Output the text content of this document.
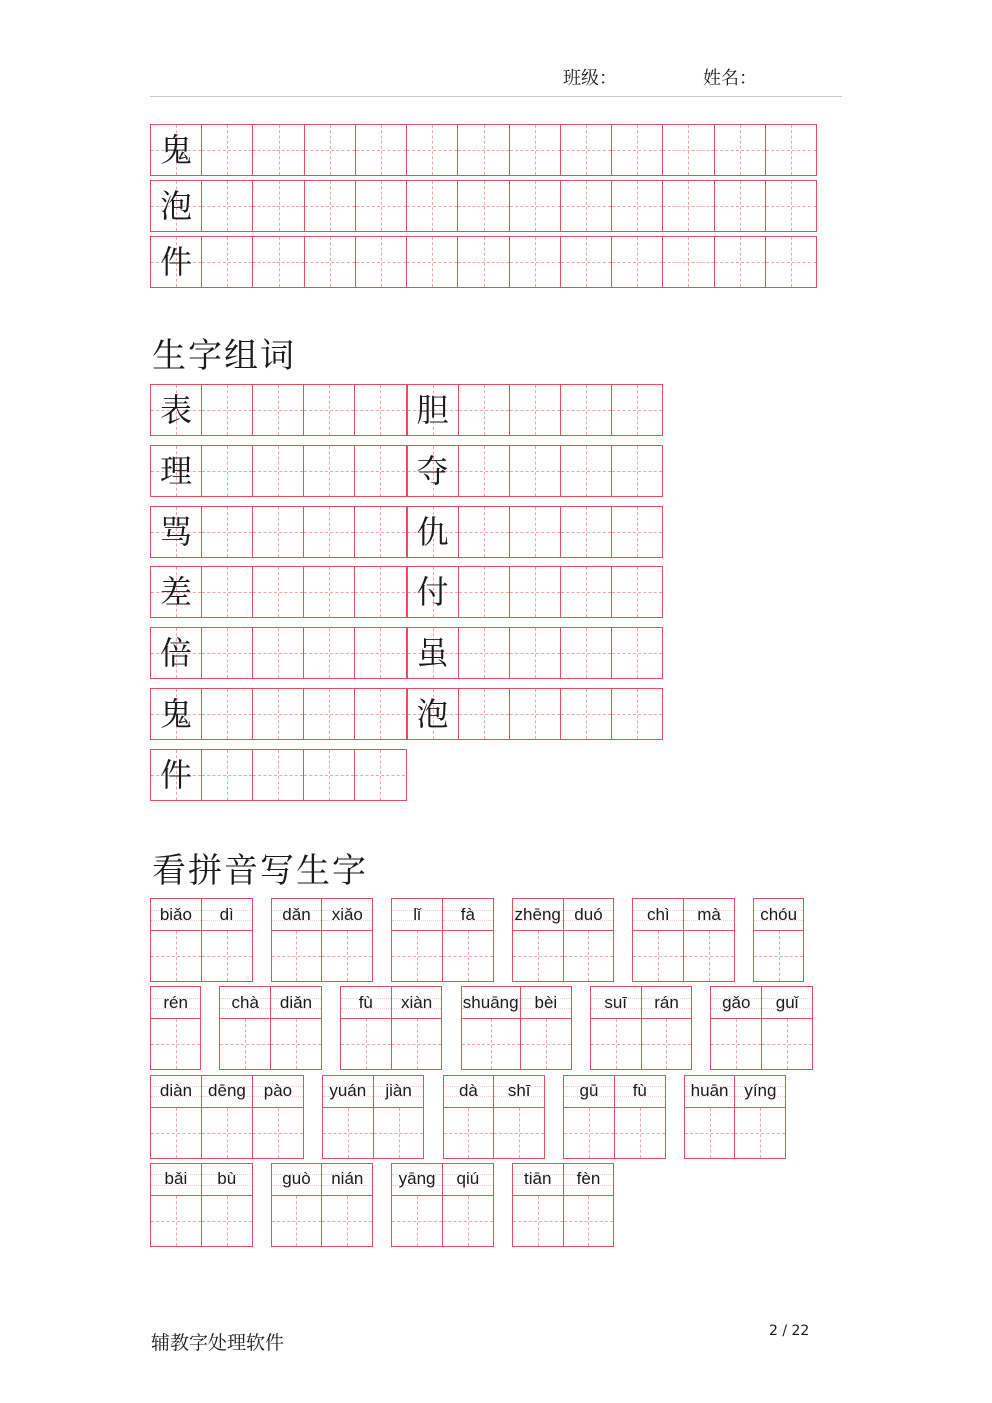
班级：	姓名：
鬼
泡
件
生字组词
表	胆
理	夺
骂	仇
差	付
倍	虽
鬼	泡
件
看拼音写生字
biǎo	dì	dǎn	xiǎo	lǐ	fà	zhēng duó	chì	mà	chóu
rén	chà	diǎn	fù	xiàn	shuāng bèi	suī	rán	gǎo	guǐ
diàn dēng	pào	yuán	jiàn	dà	shī	gū	fù	huān yíng
bǎi	bù	guò	nián	yāng	qiú	tiān	fèn
辅教字处理软件
2 / 22
